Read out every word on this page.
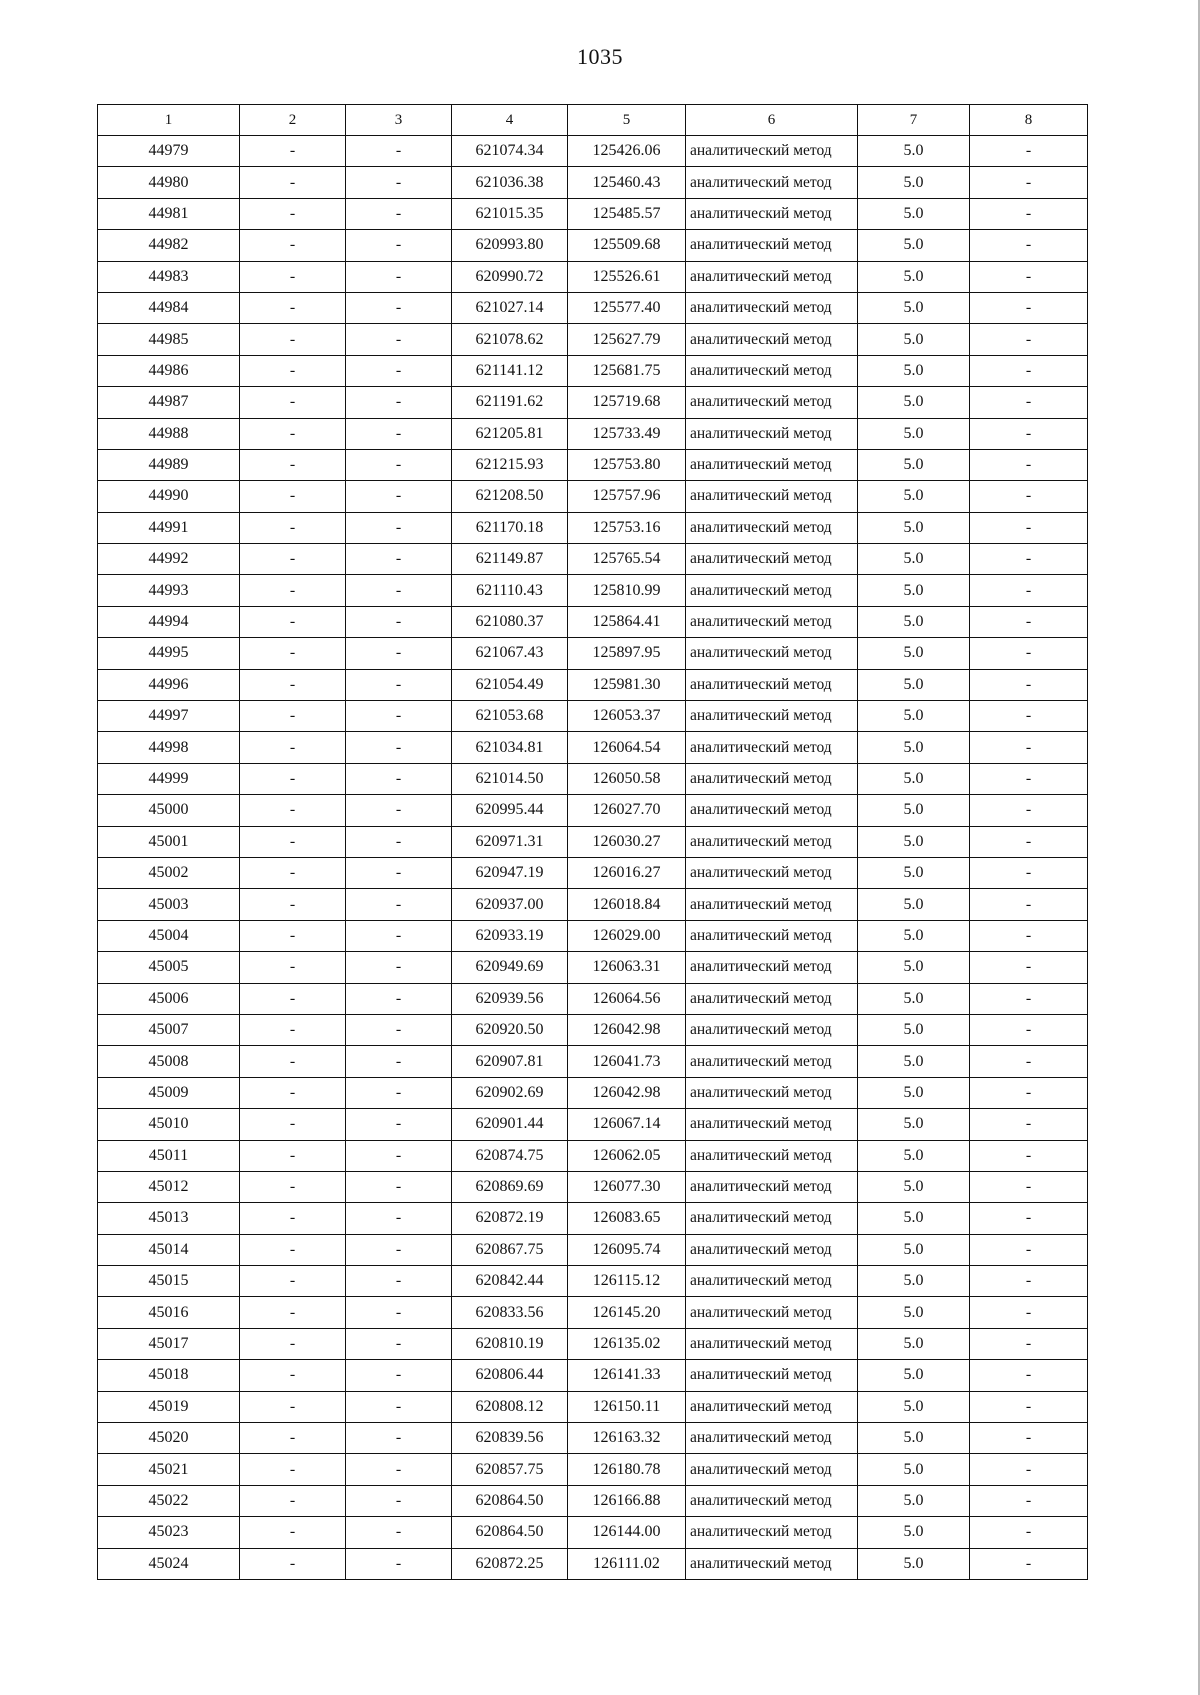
1035
1	2	3	4	5	6	7	8
44979	-	-	621074.34	125426.06	аналитический метод	5.0	-
44980	-	-	621036.38	125460.43	аналитический метод	5.0	-
44981	-	-	621015.35	125485.57	аналитический метод	5.0	-
44982	-	-	620993.80	125509.68	аналитический метод	5.0	-
44983	-	-	620990.72	125526.61	аналитический метод	5.0	-
44984	-	-	621027.14	125577.40	аналитический метод	5.0	-
44985	-	-	621078.62	125627.79	аналитический метод	5.0	-
44986	-	-	621141.12	125681.75	аналитический метод	5.0	-
44987	-	-	621191.62	125719.68	аналитический метод	5.0	-
44988	-	-	621205.81	125733.49	аналитический метод	5.0	-
44989	-	-	621215.93	125753.80	аналитический метод	5.0	-
44990	-	-	621208.50	125757.96	аналитический метод	5.0	-
44991	-	-	621170.18	125753.16	аналитический метод	5.0	-
44992	-	-	621149.87	125765.54	аналитический метод	5.0	-
44993	-	-	621110.43	125810.99	аналитический метод	5.0	-
44994	-	-	621080.37	125864.41	аналитический метод	5.0	-
44995	-	-	621067.43	125897.95	аналитический метод	5.0	-
44996	-	-	621054.49	125981.30	аналитический метод	5.0	-
44997	-	-	621053.68	126053.37	аналитический метод	5.0	-
44998	-	-	621034.81	126064.54	аналитический метод	5.0	-
44999	-	-	621014.50	126050.58	аналитический метод	5.0	-
45000	-	-	620995.44	126027.70	аналитический метод	5.0	-
45001	-	-	620971.31	126030.27	аналитический метод	5.0	-
45002	-	-	620947.19	126016.27	аналитический метод	5.0	-
45003	-	-	620937.00	126018.84	аналитический метод	5.0	-
45004	-	-	620933.19	126029.00	аналитический метод	5.0	-
45005	-	-	620949.69	126063.31	аналитический метод	5.0	-
45006	-	-	620939.56	126064.56	аналитический метод	5.0	-
45007	-	-	620920.50	126042.98	аналитический метод	5.0	-
45008	-	-	620907.81	126041.73	аналитический метод	5.0	-
45009	-	-	620902.69	126042.98	аналитический метод	5.0	-
45010	-	-	620901.44	126067.14	аналитический метод	5.0	-
45011	-	-	620874.75	126062.05	аналитический метод	5.0	-
45012	-	-	620869.69	126077.30	аналитический метод	5.0	-
45013	-	-	620872.19	126083.65	аналитический метод	5.0	-
45014	-	-	620867.75	126095.74	аналитический метод	5.0	-
45015	-	-	620842.44	126115.12	аналитический метод	5.0	-
45016	-	-	620833.56	126145.20	аналитический метод	5.0	-
45017	-	-	620810.19	126135.02	аналитический метод	5.0	-
45018	-	-	620806.44	126141.33	аналитический метод	5.0	-
45019	-	-	620808.12	126150.11	аналитический метод	5.0	-
45020	-	-	620839.56	126163.32	аналитический метод	5.0	-
45021	-	-	620857.75	126180.78	аналитический метод	5.0	-
45022	-	-	620864.50	126166.88	аналитический метод	5.0	-
45023	-	-	620864.50	126144.00	аналитический метод	5.0	-
45024	-	-	620872.25	126111.02	аналитический метод	5.0	-
